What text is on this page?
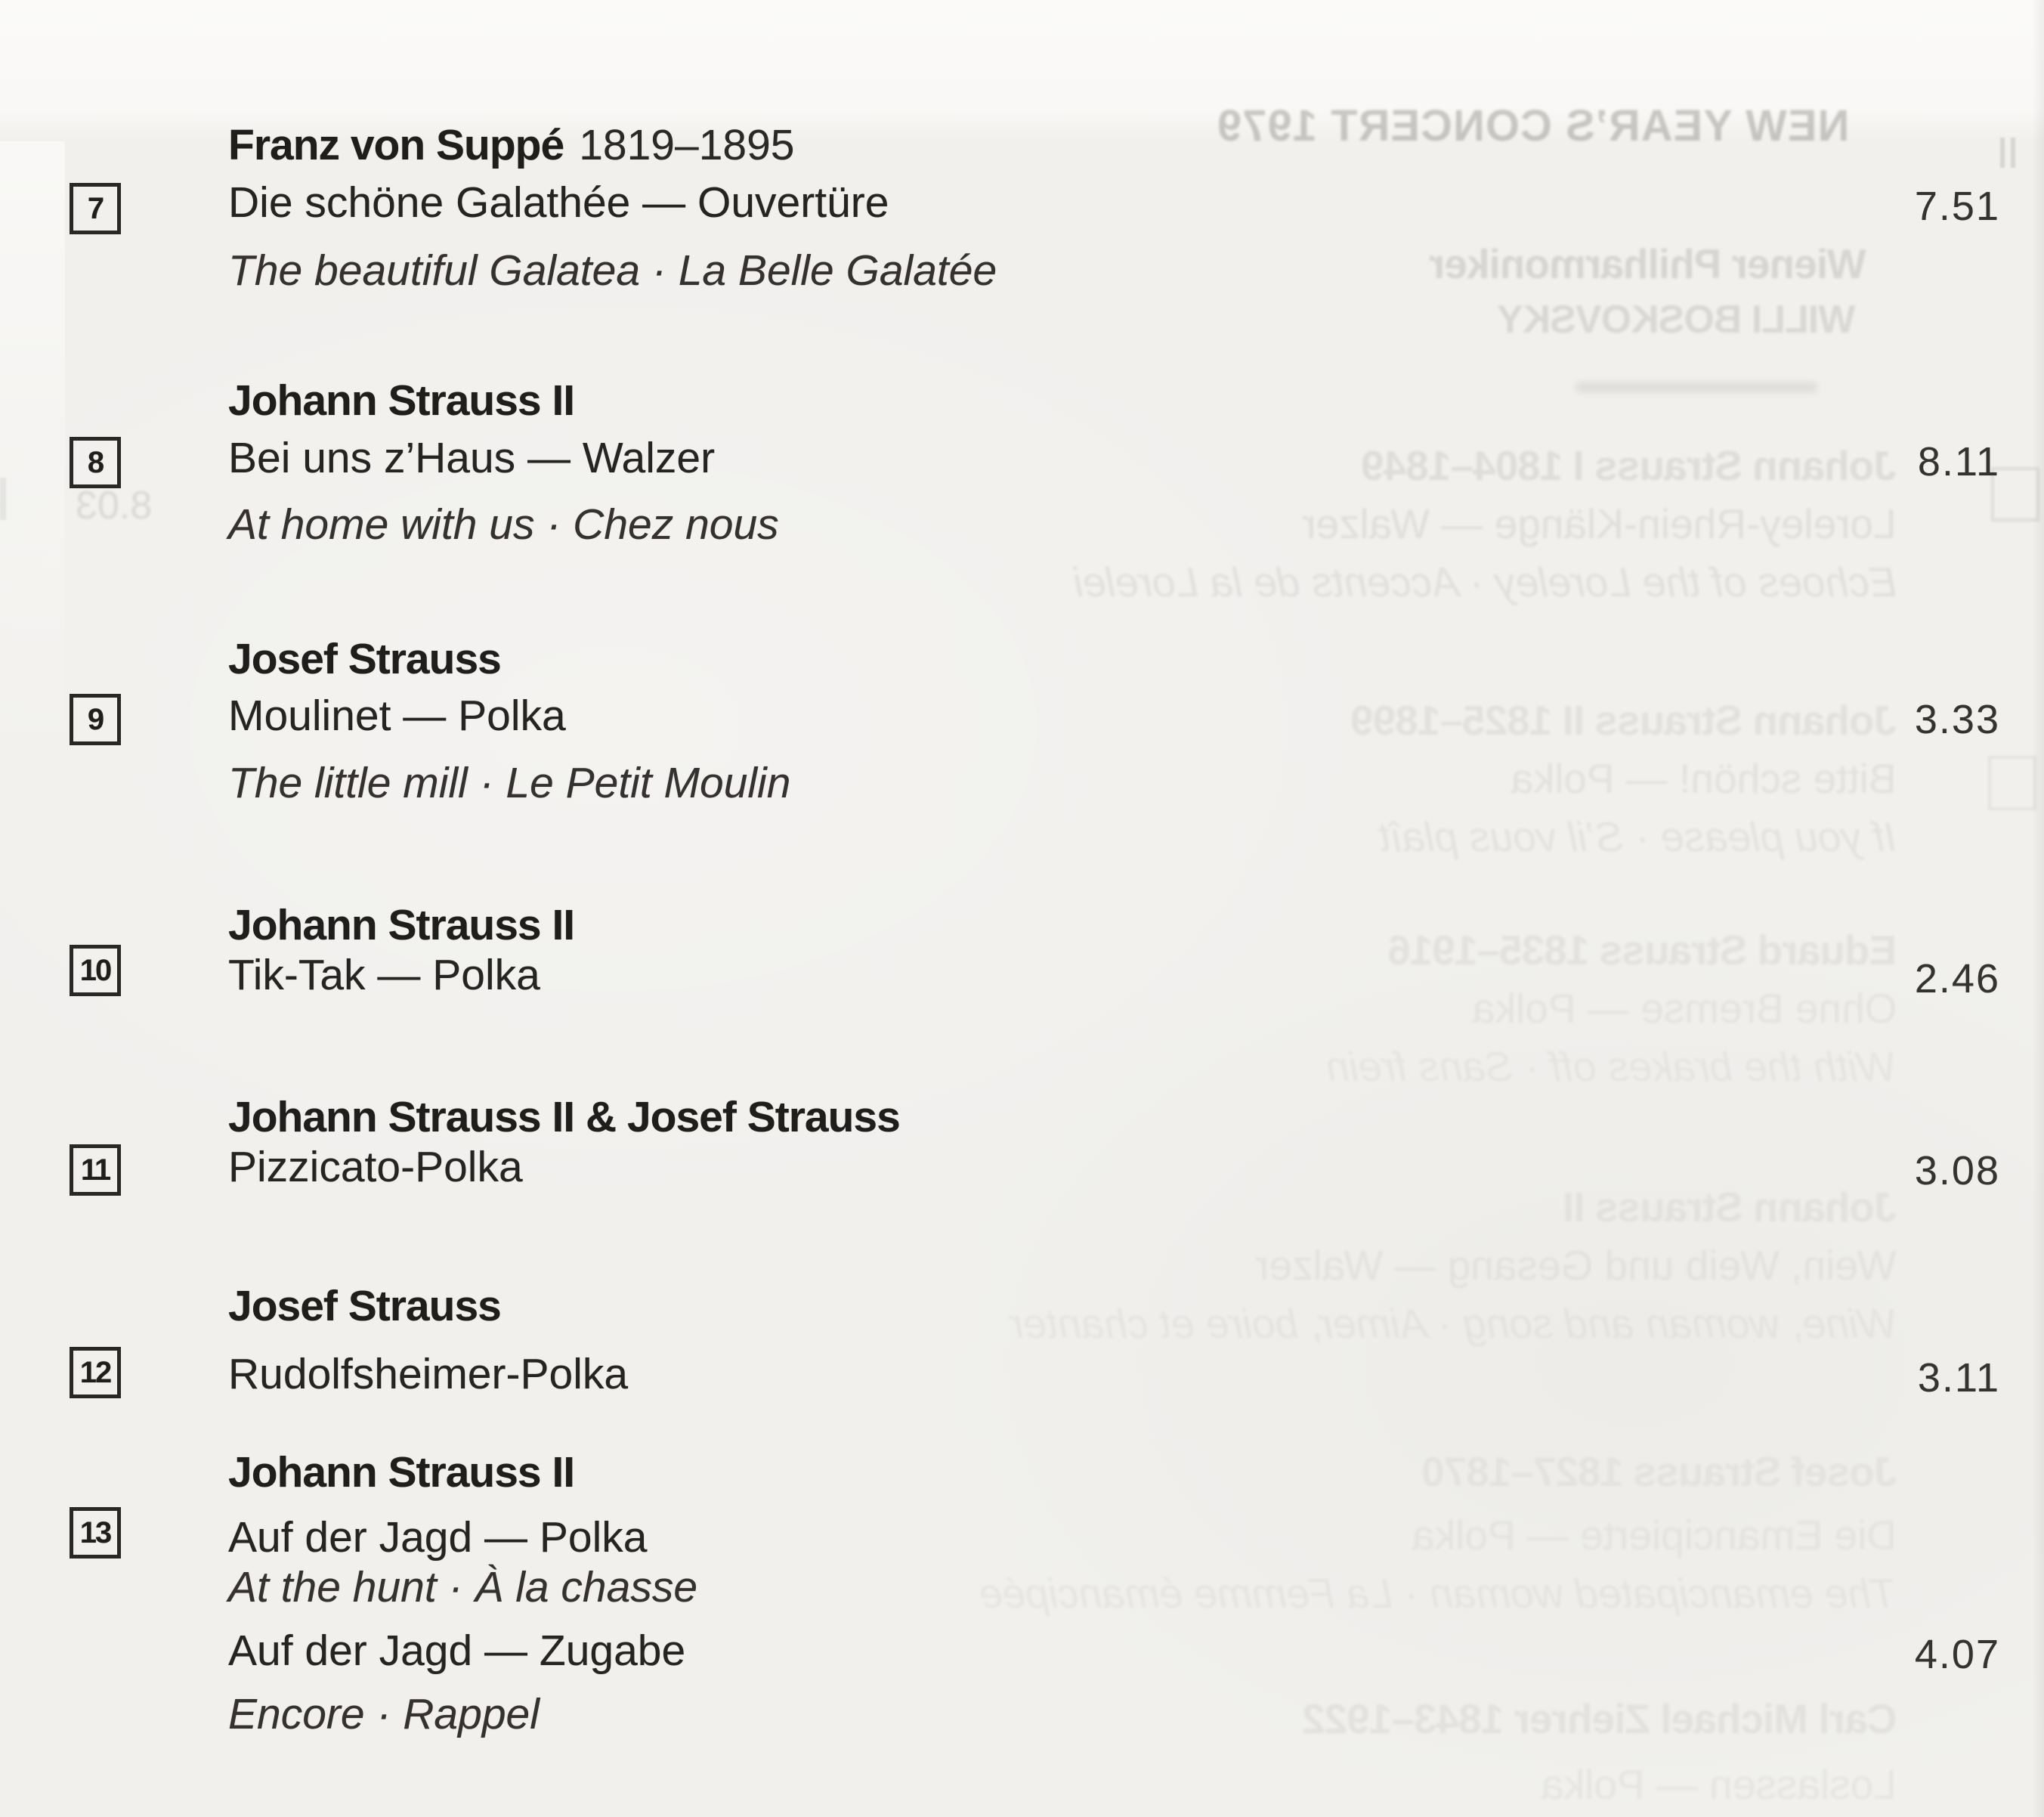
NEW YEAR’S CONCERT 1979
Wiener Philharmoniker
WILLI BOSKOVSKY
Johann Strauss I 1804–1849
Loreley-Rhein-Klänge — Walzer
Echoes of the Loreley · Accents de la Lorelei
8.03
Johann Strauss II 1825–1899
Bitte schön! — Polka
If you please · S’il vous plaît
Eduard Strauss 1835–1916
Ohne Bremse — Polka
With the brakes off · Sans frein
Johann Strauss II
Wein, Weib und Gesang — Walzer
Wine, woman and song · Aimer, boire et chanter
Josef Strauss 1827–1870
Die Emancipierte — Polka
The emancipated woman · La Femme émancipée
Carl Michael Ziehrer 1843–1922
Loslassen — Polka
Franz von Suppé 1819–1895
7	Die schöne Galathée — Ouvertüre	7.51
The beautiful Galatea · La Belle Galatée
Johann Strauss II
8	Bei uns z’Haus — Walzer	8.11
At home with us · Chez nous
Josef Strauss
9	Moulinet — Polka	3.33
The little mill · Le Petit Moulin
Johann Strauss II
10	Tik-Tak — Polka	2.46
Johann Strauss II & Josef Strauss
11	Pizzicato-Polka	3.08
Josef Strauss
12	Rudolfsheimer-Polka	3.11
Johann Strauss II
13	Auf der Jagd — Polka
At the hunt · À la chasse
Auf der Jagd — Zugabe	4.07
Encore · Rappel
